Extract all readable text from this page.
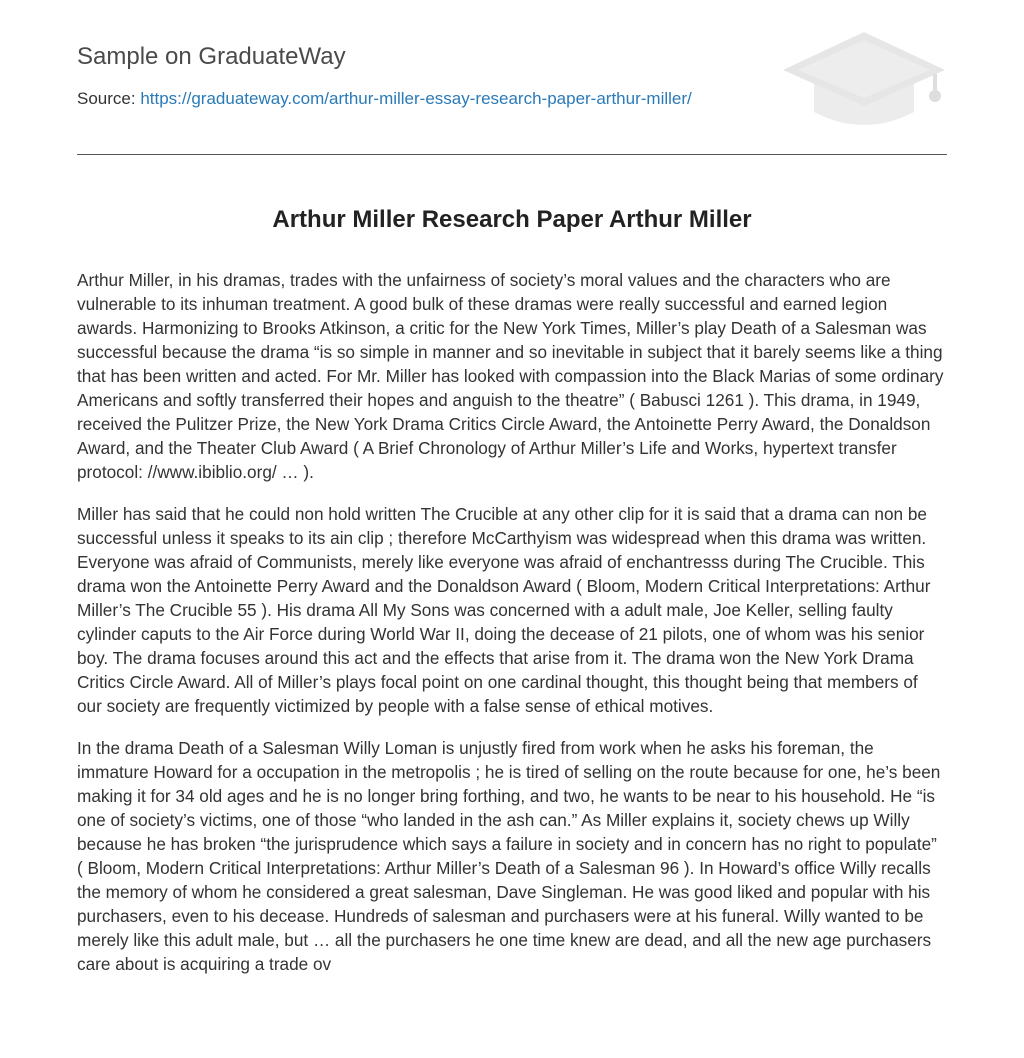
Sample on GraduateWay
Source: https://graduateway.com/arthur-miller-essay-research-paper-arthur-miller/
Arthur Miller Research Paper Arthur Miller

Arthur Miller, in his dramas, trades with the unfairness of society’s moral values and the characters who are vulnerable to its inhuman treatment. A good bulk of these dramas were really successful and earned legion awards. Harmonizing to Brooks Atkinson, a critic for the New York Times, Miller’s play Death of a Salesman was successful because the drama “is so simple in manner and so inevitable in subject that it barely seems like a thing that has been written and acted. For Mr. Miller has looked with compassion into the Black Marias of some ordinary Americans and softly transferred their hopes and anguish to the theatre” ( Babusci 1261 ). This drama, in 1949, received the Pulitzer Prize, the New York Drama Critics Circle Award, the Antoinette Perry Award, the Donaldson Award, and the Theater Club Award ( A Brief Chronology of Arthur Miller’s Life and Works, hypertext transfer protocol: //www.ibiblio.org/ … ).

Miller has said that he could non hold written The Crucible at any other clip for it is said that a drama can non be successful unless it speaks to its ain clip ; therefore McCarthyism was widespread when this drama was written. Everyone was afraid of Communists, merely like everyone was afraid of enchantresss during The Crucible. This drama won the Antoinette Perry Award and the Donaldson Award ( Bloom, Modern Critical Interpretations: Arthur Miller’s The Crucible 55 ). His drama All My Sons was concerned with a adult male, Joe Keller, selling faulty cylinder caputs to the Air Force during World War II, doing the decease of 21 pilots, one of whom was his senior boy. The drama focuses around this act and the effects that arise from it. The drama won the New York Drama Critics Circle Award. All of Miller’s plays focal point on one cardinal thought, this thought being that members of our society are frequently victimized by people with a false sense of ethical motives.

In the drama Death of a Salesman Willy Loman is unjustly fired from work when he asks his foreman, the immature Howard for a occupation in the metropolis ; he is tired of selling on the route because for one, he’s been making it for 34 old ages and he is no longer bring forthing, and two, he wants to be near to his household. He “is one of society’s victims, one of those “who landed in the ash can.” As Miller explains it, society chews up Willy because he has broken “the jurisprudence which says a failure in society and in concern has no right to populate” ( Bloom, Modern Critical Interpretations: Arthur Miller’s Death of a Salesman 96 ). In Howard’s office Willy recalls the memory of whom he considered a great salesman, Dave Singleman. He was good liked and popular with his purchasers, even to his decease. Hundreds of salesman and purchasers were at his funeral. Willy wanted to be merely like this adult male, but … all the purchasers he one time knew are dead, and all the new age purchasers care about is acquiring a trade ov
